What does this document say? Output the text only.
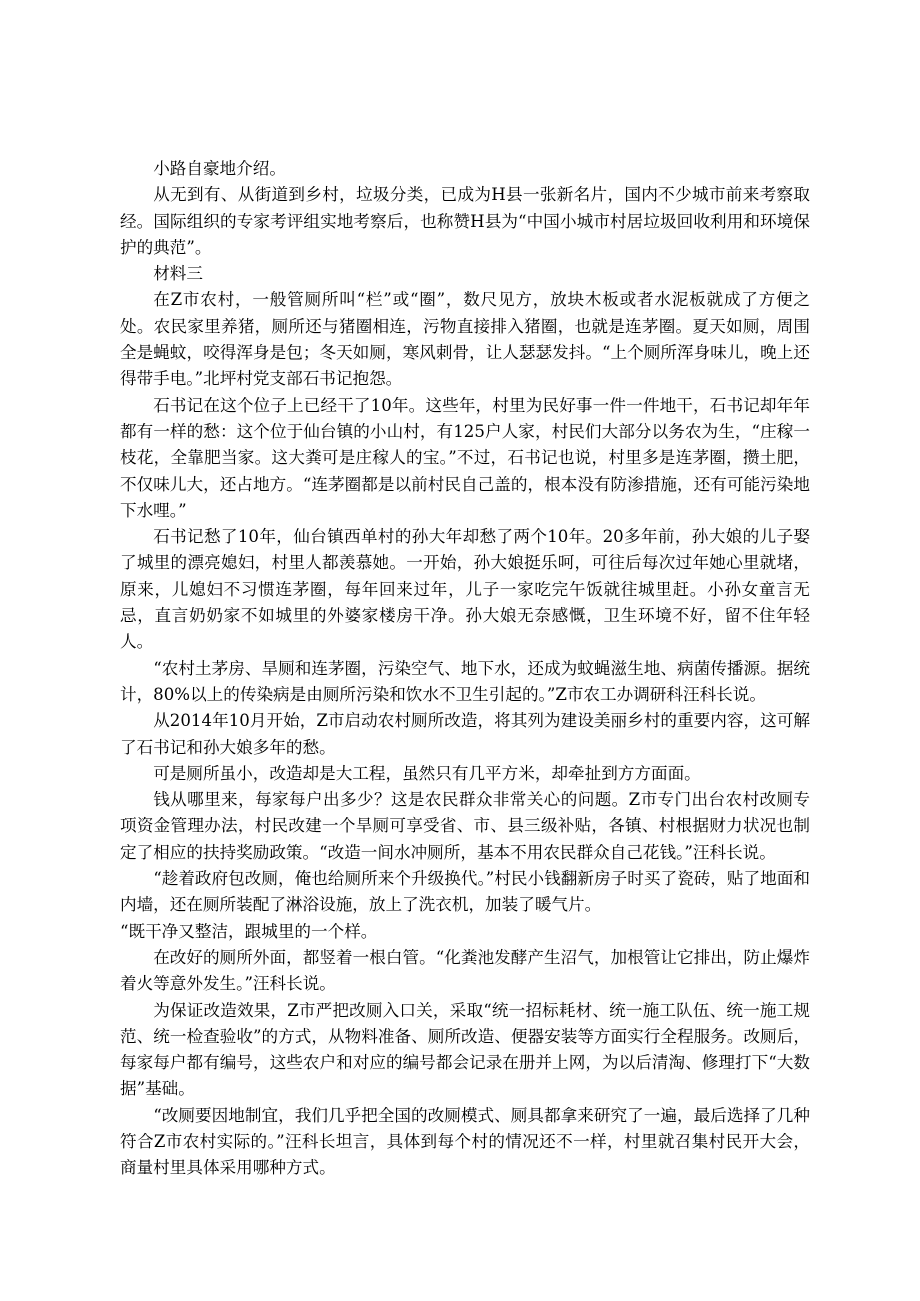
小路自豪地介绍。

从无到有、从街道到乡村，垃圾分类，已成为H县一张新名片，国内不少城市前来考察取经。国际组织的专家考评组实地考察后，也称赞H县为“中国小城市村居垃圾回收利用和环境保护的典范”。

材料三

在Z市农村，一般管厕所叫“栏”或“圈”，数尺见方，放块木板或者水泥板就成了方便之处。农民家里养猪，厕所还与猪圈相连，污物直接排入猪圈，也就是连茅圈。夏天如厕，周围全是蝇蚊，咬得浑身是包；冬天如厕，寒风刺骨，让人瑟瑟发抖。“上个厕所浑身味儿，晚上还得带手电。”北坪村党支部石书记抱怨。

石书记在这个位子上已经干了10年。这些年，村里为民好事一件一件地干，石书记却年年都有一样的愁：这个位于仙台镇的小山村，有125户人家，村民们大部分以务农为生，“庄稼一枝花，全靠肥当家。这大粪可是庄稼人的宝。”不过，石书记也说，村里多是连茅圈，攒土肥，不仅味儿大，还占地方。“连茅圈都是以前村民自己盖的，根本没有防渗措施，还有可能污染地下水哩。”

石书记愁了10年，仙台镇西单村的孙大年却愁了两个10年。20多年前，孙大娘的儿子娶了城里的漂亮媳妇，村里人都羡慕她。一开始，孙大娘挺乐呵，可往后每次过年她心里就堵，原来，儿媳妇不习惯连茅圈，每年回来过年，儿子一家吃完午饭就往城里赶。小孙女童言无忌，直言奶奶家不如城里的外婆家楼房干净。孙大娘无奈感慨，卫生环境不好，留不住年轻人。

“农村土茅房、旱厕和连茅圈，污染空气、地下水，还成为蚊蝇滋生地、病菌传播源。据统计，80%以上的传染病是由厕所污染和饮水不卫生引起的。”Z市农工办调研科汪科长说。

从2014年10月开始，Z市启动农村厕所改造，将其列为建设美丽乡村的重要内容，这可解了石书记和孙大娘多年的愁。

可是厕所虽小，改造却是大工程，虽然只有几平方米，却牵扯到方方面面。

钱从哪里来，每家每户出多少？这是农民群众非常关心的问题。Z市专门出台农村改厕专项资金管理办法，村民改建一个旱厕可享受省、市、县三级补贴，各镇、村根据财力状况也制定了相应的扶持奖励政策。“改造一间水冲厕所，基本不用农民群众自己花钱。”汪科长说。

“趁着政府包改厕，俺也给厕所来个升级换代。”村民小钱翻新房子时买了瓷砖，贴了地面和内墙，还在厕所装配了淋浴设施，放上了洗衣机，加装了暖气片。

“既干净又整洁，跟城里的一个样。

在改好的厕所外面，都竖着一根白管。“化粪池发酵产生沼气，加根管让它排出，防止爆炸着火等意外发生。”汪科长说。

为保证改造效果，Z市严把改厕入口关，采取“统一招标耗材、统一施工队伍、统一施工规范、统一检查验收”的方式，从物料准备、厕所改造、便器安装等方面实行全程服务。改厕后，每家每户都有编号，这些农户和对应的编号都会记录在册并上网，为以后清淘、修理打下“大数据”基础。

“改厕要因地制宜，我们几乎把全国的改厕模式、厕具都拿来研究了一遍，最后选择了几种符合Z市农村实际的。”汪科长坦言，具体到每个村的情况还不一样，村里就召集村民开大会，商量村里具体采用哪种方式。
